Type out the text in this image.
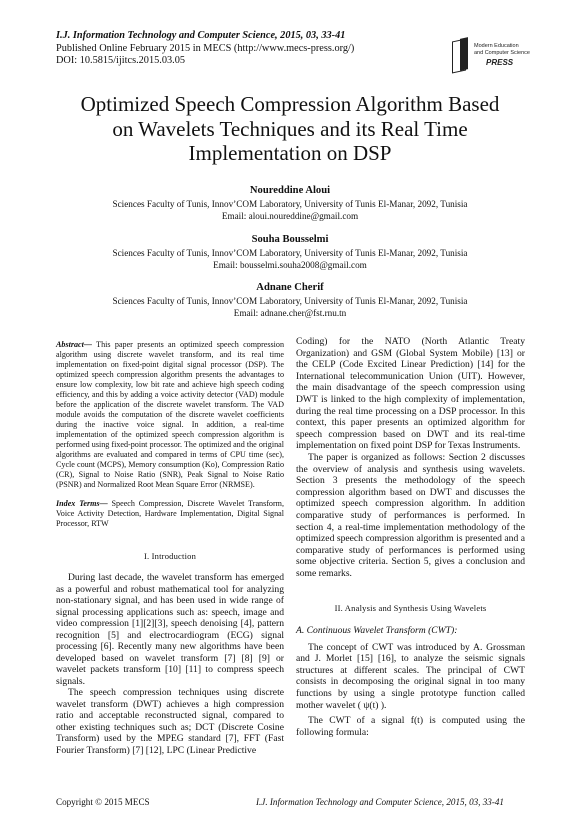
I.J. Information Technology and Computer Science, 2015, 03, 33-41
Published Online February 2015 in MECS (http://www.mecs-press.org/)
DOI: 10.5815/ijitcs.2015.03.05
Modern Education
and Computer Science
PRESS
Optimized Speech Compression Algorithm Based
on Wavelets Techniques and its Real Time
Implementation on DSP
Noureddine Aloui
Sciences Faculty of Tunis, Innov’COM Laboratory, University of Tunis El-Manar, 2092, Tunisia
Email: aloui.noureddine@gmail.com
Souha Bousselmi
Sciences Faculty of Tunis, Innov’COM Laboratory, University of Tunis El-Manar, 2092, Tunisia
Email: bousselmi.souha2008@gmail.com
Adnane Cherif
Sciences Faculty of Tunis, Innov’COM Laboratory, University of Tunis El-Manar, 2092, Tunisia
Email: adnane.cher@fst.rnu.tn

Abstract— This paper presents an optimized speech compression algorithm using discrete wavelet transform, and its real time implementation on fixed-point digital signal processor (DSP). The optimized speech compression algorithm presents the advantages to ensure low complexity, low bit rate and achieve high speech coding efficiency, and this by adding a voice activity detector (VAD) module before the application of the discrete wavelet transform. The VAD module avoids the computation of the discrete wavelet coefficients during the inactive voice signal. In addition, a real-time implementation of the optimized speech compression algorithm is performed using fixed-point processor. The optimized and the original algorithms are evaluated and compared in terms of CPU time (sec), Cycle count (MCPS), Memory consumption (Ko), Compression Ratio (CR), Signal to Noise Ratio (SNR), Peak Signal to Noise Ratio (PSNR) and Normalized Root Mean Square Error (NRMSE).

Index Terms— Speech Compression, Discrete Wavelet Transform, Voice Activity Detection, Hardware Implementation, Digital Signal Processor, RTW

I. Introduction

During last decade, the wavelet transform has emerged as a powerful and robust mathematical tool for analyzing non-stationary signal, and has been used in wide range of signal processing applications such as: speech, image and video compression [1][2][3], speech denoising [4], pattern recognition [5] and electrocardiogram (ECG) signal processing [6]. Recently many new algorithms have been developed based on wavelet transform [7] [8] [9] or wavelet packets transform [10] [11] to compress speech signals.

The speech compression techniques using discrete wavelet transform (DWT) achieves a high compression ratio and acceptable reconstructed signal, compared to other existing techniques such as; DCT (Discrete Cosine Transform) used by the MPEG standard [7], FFT (Fast Fourier Transform) [7] [12], LPC (Linear Predictive

Coding) for the NATO (North Atlantic Treaty Organization) and GSM (Global System Mobile) [13] or the CELP (Code Excited Linear Prediction) [14] for the International telecommunication Union (UIT). However, the main disadvantage of the speech compression using DWT is linked to the high complexity of implementation, during the real time processing on a DSP processor. In this context, this paper presents an optimized algorithm for speech compression based on DWT and its real-time implementation on fixed point DSP for Texas Instruments.

The paper is organized as follows: Section 2 discusses the overview of analysis and synthesis using wavelets. Section 3 presents the methodology of the speech compression algorithm based on DWT and discusses the optimized speech compression algorithm. In addition comparative study of performances is performed. In section 4, a real-time implementation methodology of the optimized speech compression algorithm is presented and a comparative study of performances is performed using some objective criteria. Section 5, gives a conclusion and some remarks.

II. Analysis and Synthesis Using Wavelets
A. Continuous Wavelet Transform (CWT):

The concept of CWT was introduced by A. Grossman and J. Morlet [15] [16], to analyze the seismic signals structures at different scales. The principal of CWT consists in decomposing the original signal in too many functions by using a single prototype function called mother wavelet ( ψ(t) ).

The CWT of a signal f(t) is computed using the following formula:

Copyright © 2015 MECS	I.J. Information Technology and Computer Science, 2015, 03, 33-41
